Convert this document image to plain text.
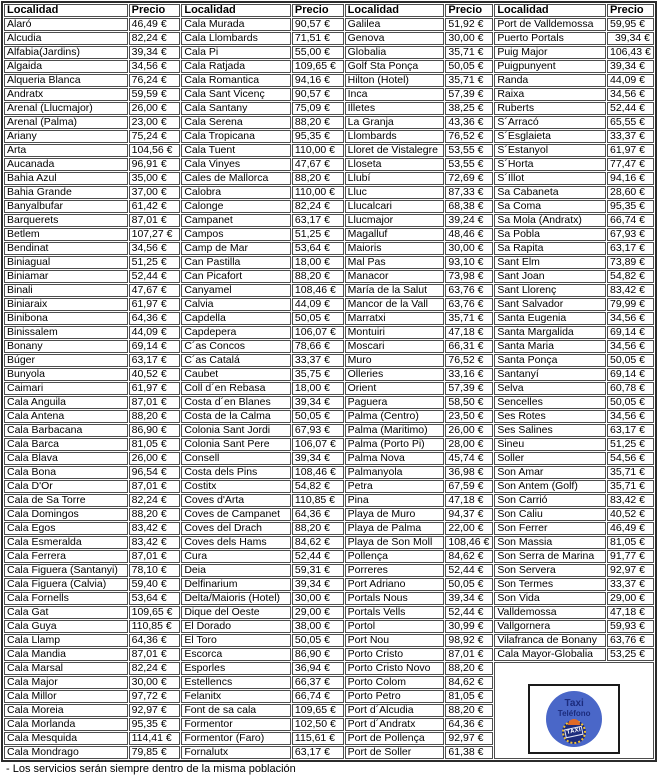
Localidad	Precio	Localidad	Precio	Localidad	Precio	Localidad	Precio
Alaró	46,49 €	Cala Murada	90,57 €	Galilea	51,92 €	Port de Valldemossa	59,95 €
Alcudia	82,24 €	Cala Llombards	71,51 €	Genova	30,00 €	Puerto Portals	39,34 €
Alfabia(Jardins)	39,34 €	Cala Pi	55,00 €	Globalia	35,71 €	Puig Major	106,43 €
Algaida	34,56 €	Cala Ratjada	109,65 €	Golf Sta Ponça	50,05 €	Puigpunyent	39,34 €
Alqueria Blanca	76,24 €	Cala Romantica	94,16 €	Hilton (Hotel)	35,71 €	Randa	44,09 €
Andratx	59,59 €	Cala Sant Vicenç	90,57 €	Inca	57,39 €	Raixa	34,56 €
Arenal (Llucmajor)	26,00 €	Cala Santany	75,09 €	Illetes	38,25 €	Ruberts	52,44 €
Arenal (Palma)	23,00 €	Cala Serena	88,20 €	La Granja	43,36 €	S´Arracó	65,55 €
Ariany	75,24 €	Cala Tropicana	95,35 €	Llombards	76,52 €	S´Esglaieta	33,37 €
Arta	104,56 €	Cala Tuent	110,00 €	Lloret de Vistalegre	53,55 €	S´Estanyol	61,97 €
Aucanada	96,91 €	Cala Vinyes	47,67 €	Lloseta	53,55 €	S´Horta	77,47 €
Bahia Azul	35,00 €	Cales de Mallorca	88,20 €	Llubí	72,69 €	S´Illot	94,16 €
Bahia Grande	37,00 €	Calobra	110,00 €	Lluc	87,33 €	Sa Cabaneta	28,60 €
Banyalbufar	61,42 €	Calonge	82,24 €	Llucalcari	68,38 €	Sa Coma	95,35 €
Barquerets	87,01 €	Campanet	63,17 €	Llucmajor	39,24 €	Sa Mola (Andratx)	66,74 €
Betlem	107,27 €	Campos	51,25 €	Magalluf	48,46 €	Sa Pobla	67,93 €
Bendinat	34,56 €	Camp de Mar	53,64 €	Maioris	30,00 €	Sa Rapita	63,17 €
Biniagual	51,25 €	Can Pastilla	18,00 €	Mal Pas	93,10 €	Sant Elm	73,89 €
Biniamar	52,44 €	Can Picafort	88,20 €	Manacor	73,98 €	Sant Joan	54,82 €
Binali	47,67 €	Canyamel	108,46 €	María de la Salut	63,76 €	Sant Llorenç	83,42 €
Biniaraix	61,97 €	Calvia	44,09 €	Mancor de la Vall	63,76 €	Sant Salvador	79,99 €
Binibona	64,36 €	Capdella	50,05 €	Marratxi	35,71 €	Santa Eugenia	34,56 €
Binissalem	44,09 €	Capdepera	106,07 €	Montuiri	47,18 €	Santa Margalida	69,14 €
Bonany	69,14 €	C´as Concos	78,66 €	Moscari	66,31 €	Santa Maria	34,56 €
Búger	63,17 €	C´as Catalá	33,37 €	Muro	76,52 €	Santa Ponça	50,05 €
Bunyola	40,52 €	Caubet	35,75 €	Olleries	33,16 €	Santanyí	69,14 €
Caimari	61,97 €	Coll d´en Rebasa	18,00 €	Orient	57,39 €	Selva	60,78 €
Cala Anguila	87,01 €	Costa d´en Blanes	39,34 €	Paguera	58,50 €	Sencelles	50,05 €
Cala Antena	88,20 €	Costa de la Calma	50,05 €	Palma (Centro)	23,50 €	Ses Rotes	34,56 €
Cala Barbacana	86,90 €	Colonia Sant Jordi	67,93 €	Palma (Maritimo)	26,00 €	Ses Salines	63,17 €
Cala Barca	81,05 €	Colonia Sant Pere	106,07 €	Palma (Porto Pi)	28,00 €	Sineu	51,25 €
Cala Blava	26,00 €	Consell	39,34 €	Palma Nova	45,74 €	Soller	54,56 €
Cala Bona	96,54 €	Costa dels Pins	108,46 €	Palmanyola	36,98 €	Son Amar	35,71 €
Cala D'Or	87,01 €	Costitx	54,82 €	Petra	67,59 €	Son Antem (Golf)	35,71 €
Cala de Sa Torre	82,24 €	Coves d'Arta	110,85 €	Pina	47,18 €	Son Carrió	83,42 €
Cala Domingos	88,20 €	Coves de Campanet	64,36 €	Playa de Muro	94,37 €	Son Caliu	40,52 €
Cala Egos	83,42 €	Coves del Drach	88,20 €	Playa de Palma	22,00 €	Son Ferrer	46,49 €
Cala Esmeralda	83,42 €	Coves dels Hams	84,62 €	Playa de Son Moll	108,46 €	Son Massia	81,05 €
Cala Ferrera	87,01 €	Cura	52,44 €	Pollença	84,62 €	Son Serra de Marina	91,77 €
Cala Figuera (Santanyi)	78,10 €	Deia	59,31 €	Porreres	52,44 €	Son Servera	92,97 €
Cala Figuera (Calvia)	59,40 €	Delfinarium	39,34 €	Port Adriano	50,05 €	Son Termes	33,37 €
Cala Fornells	53,64 €	Delta/Maioris (Hotel)	30,00 €	Portals Nous	39,34 €	Son Vida	29,00 €
Cala Gat	109,65 €	Dique del Oeste	29,00 €	Portals Vells	52,44 €	Valldemossa	47,18 €
Cala Guya	110,85 €	El Dorado	38,00 €	Portol	30,99 €	Vallgornera	59,93 €
Cala Llamp	64,36 €	El Toro	50,05 €	Port Nou	98,92 €	Vilafranca de Bonany	63,76 €
Cala Mandia	87,01 €	Escorca	86,90 €	Porto Cristo	87,01 €	Cala Mayor-Globalia	53,25 €
Cala Marsal	82,24 €	Esporles	36,94 €	Porto Cristo Novo	88,20 €	Taxi
Teléfono
TAXI	

Cala Major	30,00 €	Estellencs	66,37 €	Porto Colom	84,62 €		
Cala Millor	97,72 €	Felanitx	66,74 €	Porto Petro	81,05 €		
Cala Moreia	92,97 €	Font de sa cala	109,65 €	Port d´Alcudia	88,20 €		
Cala Morlanda	95,35 €	Formentor	102,50 €	Port d´Andratx	64,36 €		
Cala Mesquida	114,41 €	Formentor (Faro)	115,61 €	Port de Pollença	92,97 €		
Cala Mondrago	79,85 €	Fornalutx	63,17 €	Port de Soller	61,38 €		
- Los servicios serán siempre dentro de la misma población
